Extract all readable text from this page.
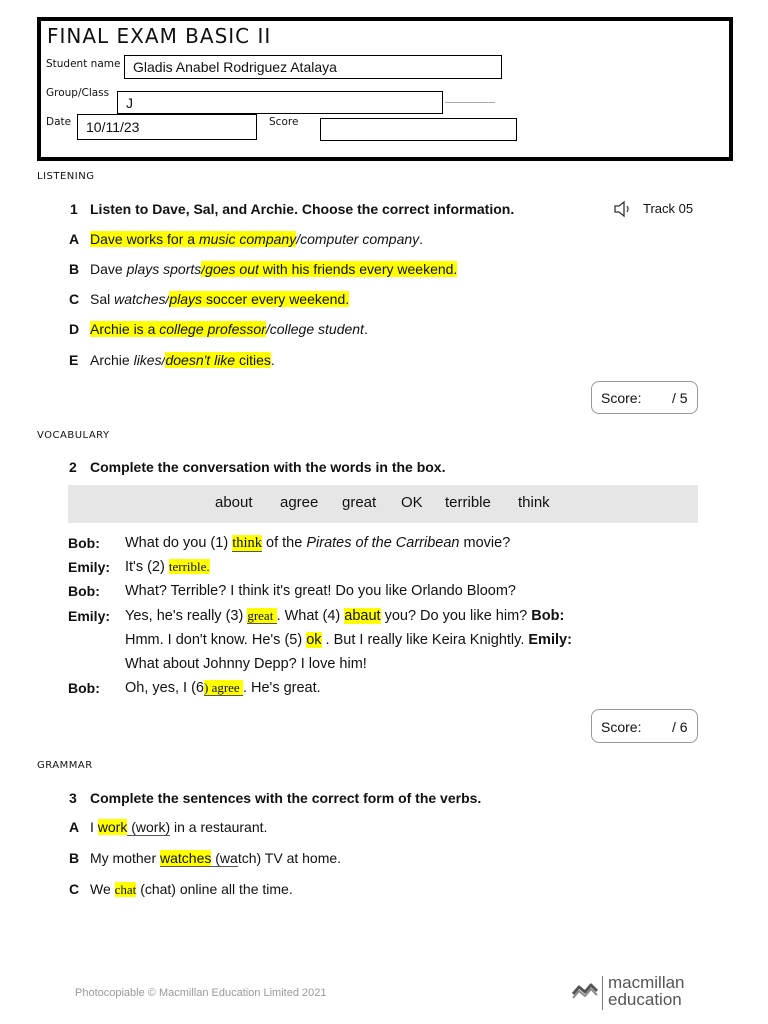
FINAL EXAM BASIC II
Student name Gladis Anabel Rodriguez Atalaya
Group/Class
J
Date	10/11/23	Score
LISTENING
1 Listen to Dave, Sal, and Archie. Choose the correct information.	Track 05
A Dave works for a music company/computer company.
B Dave plays sports/goes out with his friends every weekend.
C Sal watches/plays soccer every weekend.
D Archie is a college professor/college student.
E Archie likes/doesn't like cities.
Score: / 5
VOCABULARY
2 Complete the conversation with the words in the box.
about agree great OK terrible think
Bob: What do you (1) think of the Pirates of the Carribean movie?
Emily: It's (2) terrible.
Bob: What? Terrible? I think it's great! Do you like Orlando Bloom?
Emily: Yes, he's really (3) great . What (4) abaut you? Do you like him? Bob:
Hmm. I don't know. He's (5) ok . But I really like Keira Knightly. Emily:
What about Johnny Depp? I love him!
Bob: Oh, yes, I (6) agree . He's great.
Score: / 6
GRAMMAR
3 Complete the sentences with the correct form of the verbs.
A I work (work) in a restaurant.
B My mother watches (watch) TV at home.
C We chat (chat) online all the time.
Photocopiable © Macmillan Education Limited 2021
macmillan
education
